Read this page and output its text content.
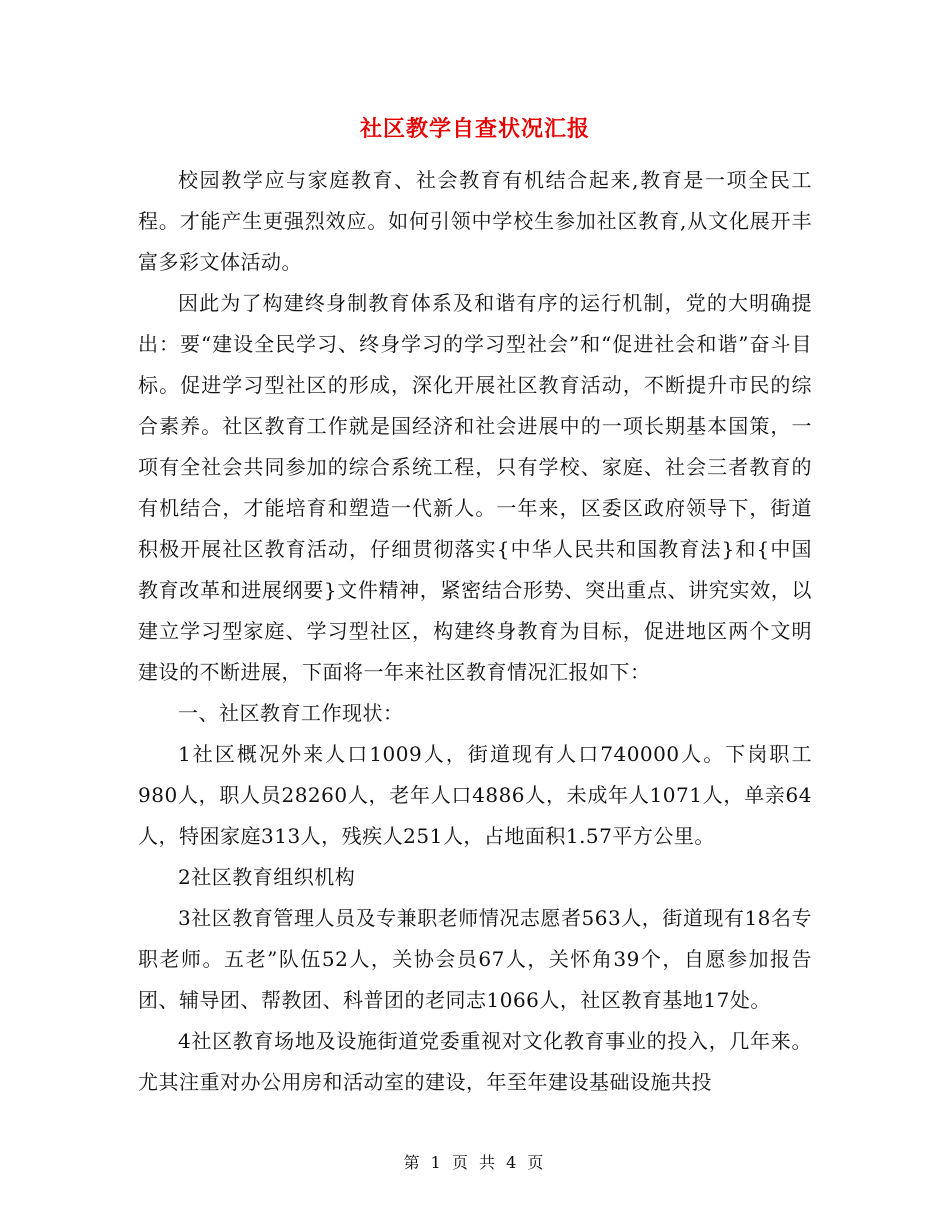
社区教学自查状况汇报

校园教学应与家庭教育、社会教育有机结合起来,教育是一项全民工程。才能产生更强烈效应。如何引领中学校生参加社区教育,从文化展开丰富多彩文体活动。

因此为了构建终身制教育体系及和谐有序的运行机制，党的大明确提出：要“建设全民学习、终身学习的学习型社会”和“促进社会和谐”奋斗目标。促进学习型社区的形成，深化开展社区教育活动，不断提升市民的综合素养。社区教育工作就是国经济和社会进展中的一项长期基本国策，一项有全社会共同参加的综合系统工程，只有学校、家庭、社会三者教育的有机结合，才能培育和塑造一代新人。一年来，区委区政府领导下，街道积极开展社区教育活动，仔细贯彻落实{中华人民共和国教育法}和{中国教育改革和进展纲要}文件精神，紧密结合形势、突出重点、讲究实效，以建立学习型家庭、学习型社区，构建终身教育为目标，促进地区两个文明建设的不断进展，下面将一年来社区教育情况汇报如下：

一、社区教育工作现状：

1社区概况外来人口1009人，街道现有人口740000人。下岗职工980人，职人员28260人，老年人口4886人，未成年人1071人，单亲64人，特困家庭313人，残疾人251人，占地面积1.57平方公里。

2社区教育组织机构

3社区教育管理人员及专兼职老师情况志愿者563人，街道现有18名专职老师。五老”队伍52人，关协会员67人，关怀角39个，自愿参加报告团、辅导团、帮教团、科普团的老同志1066人，社区教育基地17处。

4社区教育场地及设施街道党委重视对文化教育事业的投入，几年来。尤其注重对办公用房和活动室的建设，年至年建设基础设施共投

第 1 页 共 4 页
